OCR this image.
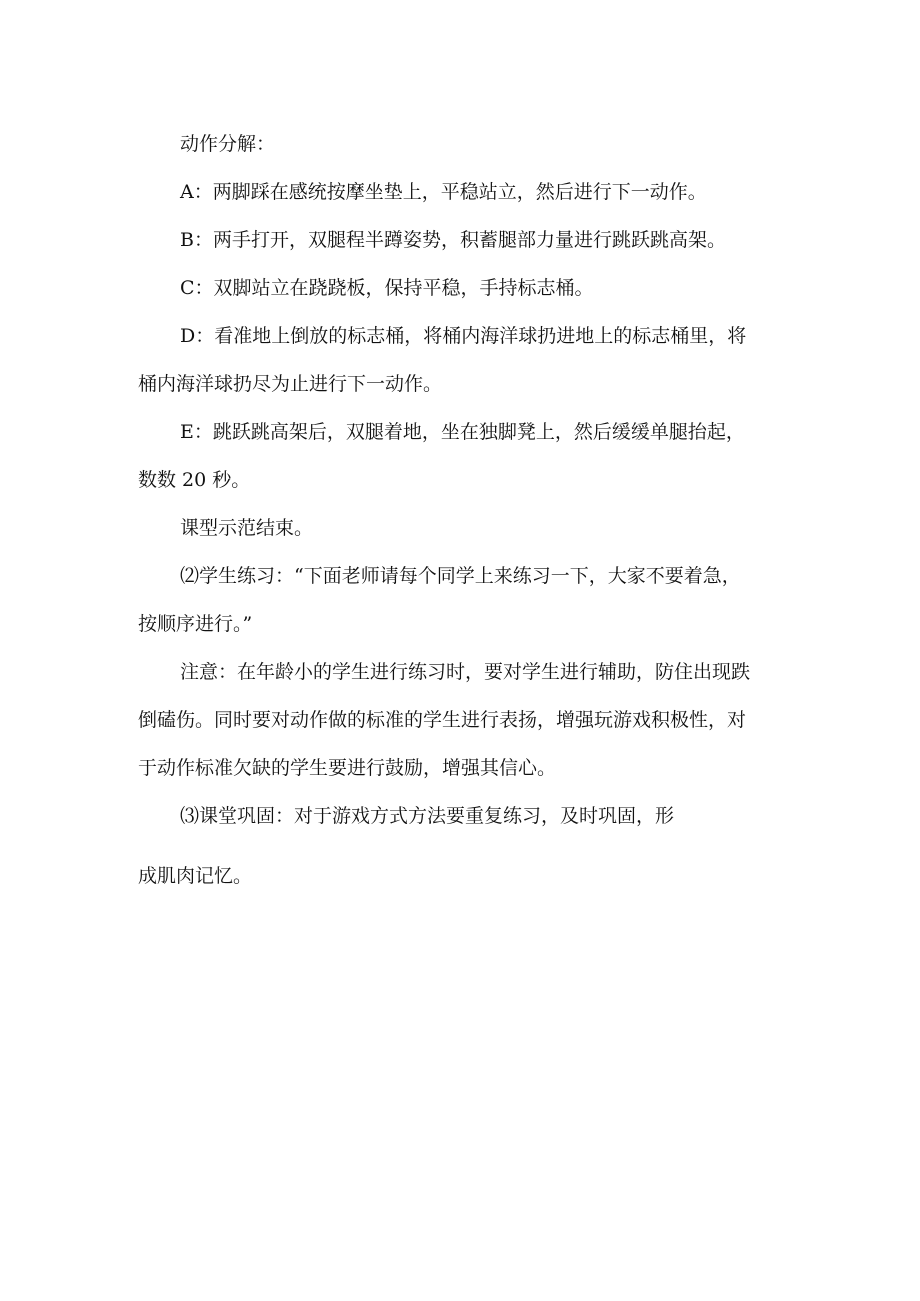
动作分解：

A：两脚踩在感统按摩坐垫上，平稳站立，然后进行下一动作。

B：两手打开，双腿程半蹲姿势，积蓄腿部力量进行跳跃跳高架。

C：双脚站立在跷跷板，保持平稳，手持标志桶。

D：看准地上倒放的标志桶，将桶内海洋球扔进地上的标志桶里，将

桶内海洋球扔尽为止进行下一动作。

E：跳跃跳高架后，双腿着地，坐在独脚凳上，然后缓缓单腿抬起，

数数 20 秒。

课型示范结束。

⑵学生练习：“下面老师请每个同学上来练习一下，大家不要着急，

按顺序进行。”

注意：在年龄小的学生进行练习时，要对学生进行辅助，防住出现跌

倒磕伤。同时要对动作做的标准的学生进行表扬，增强玩游戏积极性，对

于动作标准欠缺的学生要进行鼓励，增强其信心。

⑶课堂巩固：对于游戏方式方法要重复练习，及时巩固，形

成肌肉记忆。
